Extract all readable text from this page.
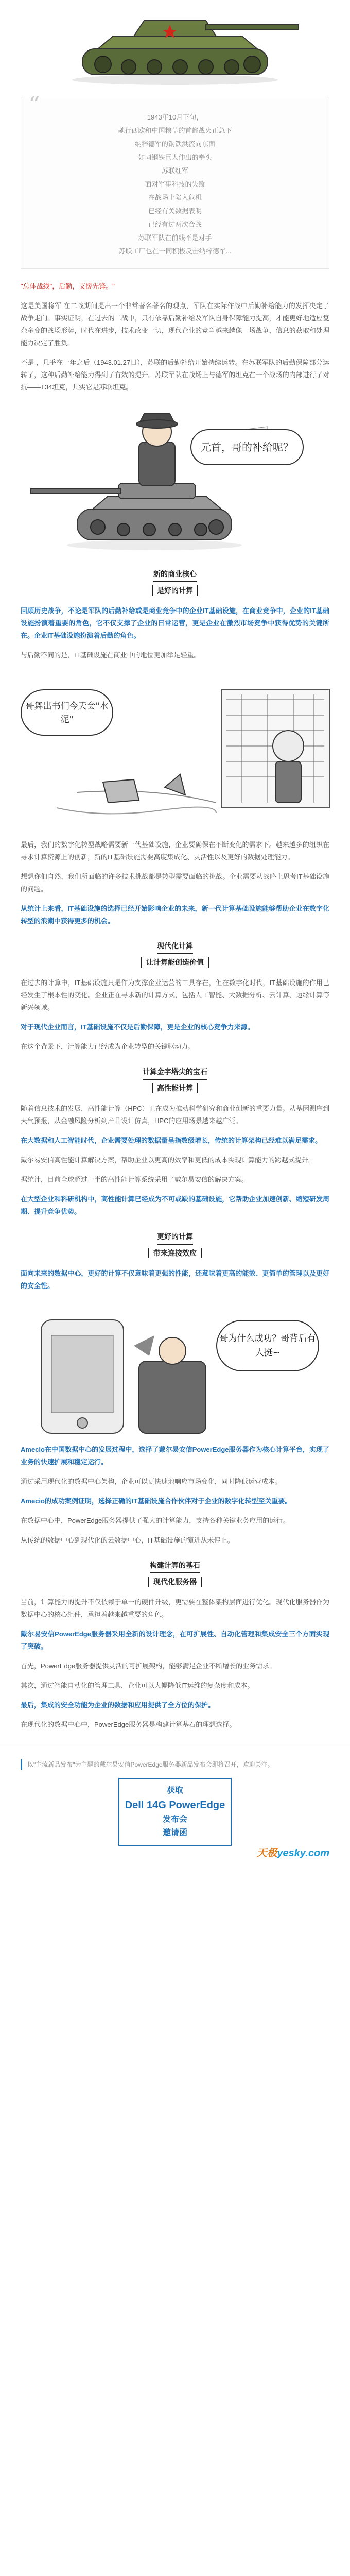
“	1943年10月下旬，
驰行西欧和中国粮草的首都战火正急下
纳粹德军的钢铁洪流向东面
如同钢铁巨人伸出的拳头
苏联红军
面对军事科技的失败
在战场上陷入危机
已经有关数据表明
已经有过两次合战
苏联军队在前线不是对手
苏联工厂也在一同积极反击纳粹德军...

"总体战线"，后勤，支援先锋。"

这是美国将军 在二战期间提出一个非常著名著名的观点，军队在实际作战中后勤补给能力的发挥决定了战争走向。事实证明，在过去的二战中，只有依靠后勤补给及军队自身保障能力提高，才能更好地适应复杂多变的战场形势，时代在进步，技术改变一切，现代企业的竞争越来越像一场战争，信息的获取和处理能力决定了胜负。

不是 ，几乎在一年之后（1943.01.27日），苏联的后勤补给开始持续运转。在苏联军队的后勤保障部分运转了，这种后勤补给能力得到了有效的提升。苏联军队在战场上与德军的坦克在一个战场的内部进行了对抗——T34坦克，其实它是苏联坦克。

元首，哥的补给呢？
新的商业核心
是好的计算

回顾历史战争，不论是军队的后勤补给或是商业竞争中的企业IT基础设施，在商业竞争中，企业的IT基础设施扮演着重要的角色，它不仅支撑了企业的日常运营，更是企业在激烈市场竞争中获得优势的关键所在。企业IT基础设施扮演着后勤的角色。

与后勤不同的是，IT基础设施在商业中的地位更加举足轻重。

哥舞出书们今天会"水泥"

最后，我们的数字化转型战略需要新一代基础设施，企业要确保在不断变化的需求下。越来越多的组织在寻求计算资源上的创新，新的IT基础设施需要高度集成化、灵活性以及更好的数据处理能力。

想想你们自然，我们所面临的许多技术挑战都是转型需要面临的挑战。企业需要从战略上思考IT基础设施的问题。

从统计上来看，IT基础设施的选择已经开始影响企业的未来，新一代计算基础设施能够帮助企业在数字化转型的浪潮中获得更多的机会。

现代化计算
让计算能创造价值

在过去的计算中，IT基础设施只是作为支撑企业运营的工具存在，但在数字化时代，IT基础设施的作用已经发生了根本性的变化。企业正在寻求新的计算方式，包括人工智能、大数据分析、云计算、边缘计算等新兴领域。

对于现代企业而言，IT基础设施不仅是后勤保障，更是企业的核心竞争力来源。

在这个背景下，计算能力已经成为企业转型的关键驱动力。

计算金字塔尖的宝石
高性能计算

随着信息技术的发展，高性能计算（HPC）正在成为推动科学研究和商业创新的重要力量。从基因测序到天气预报，从金融风险分析到产品设计仿真，HPC的应用场景越来越广泛。

在大数据和人工智能时代，企业需要处理的数据量呈指数级增长，传统的计算架构已经难以满足需求。

戴尔易安信高性能计算解决方案，帮助企业以更高的效率和更低的成本实现计算能力的跨越式提升。

据统计，目前全球超过一半的高性能计算系统采用了戴尔易安信的解决方案。

在大型企业和科研机构中，高性能计算已经成为不可或缺的基础设施，它帮助企业加速创新、缩短研发周期、提升竞争优势。

更好的计算
带来连接效应

面向未来的数据中心，更好的计算不仅意味着更强的性能，还意味着更高的能效、更简单的管理以及更好的安全性。

哥为什么成功？哥背后有人挺~

Amecio在中国数据中心的发展过程中，选择了戴尔易安信PowerEdge服务器作为核心计算平台，实现了业务的快速扩展和稳定运行。

通过采用现代化的数据中心架构，企业可以更快速地响应市场变化，同时降低运营成本。

Amecio的成功案例证明，选择正确的IT基础设施合作伙伴对于企业的数字化转型至关重要。

在数据中心中，PowerEdge服务器提供了强大的计算能力，支持各种关键业务应用的运行。

从传统的数据中心到现代化的云数据中心，IT基础设施的演进从未停止。

构建计算的基石
现代化服务器

当前，计算能力的提升不仅依赖于单一的硬件升级，更需要在整体架构层面进行优化。现代化服务器作为数据中心的核心组件，承担着越来越重要的角色。

戴尔易安信PowerEdge服务器采用全新的设计理念，在可扩展性、自动化管理和集成安全三个方面实现了突破。

首先，PowerEdge服务器提供灵活的可扩展架构，能够满足企业不断增长的业务需求。

其次，通过智能自动化的管理工具，企业可以大幅降低IT运维的复杂度和成本。

最后，集成的安全功能为企业的数据和应用提供了全方位的保护。

在现代化的数据中心中，PowerEdge服务器是构建计算基石的理想选择。

以"主流新品发布"为主题的戴尔易安信PowerEdge服务器新品发布会即将召开，欢迎关注。
获取
Dell 14G PowerEdge
发布会
邀请函
天极yesky.com
